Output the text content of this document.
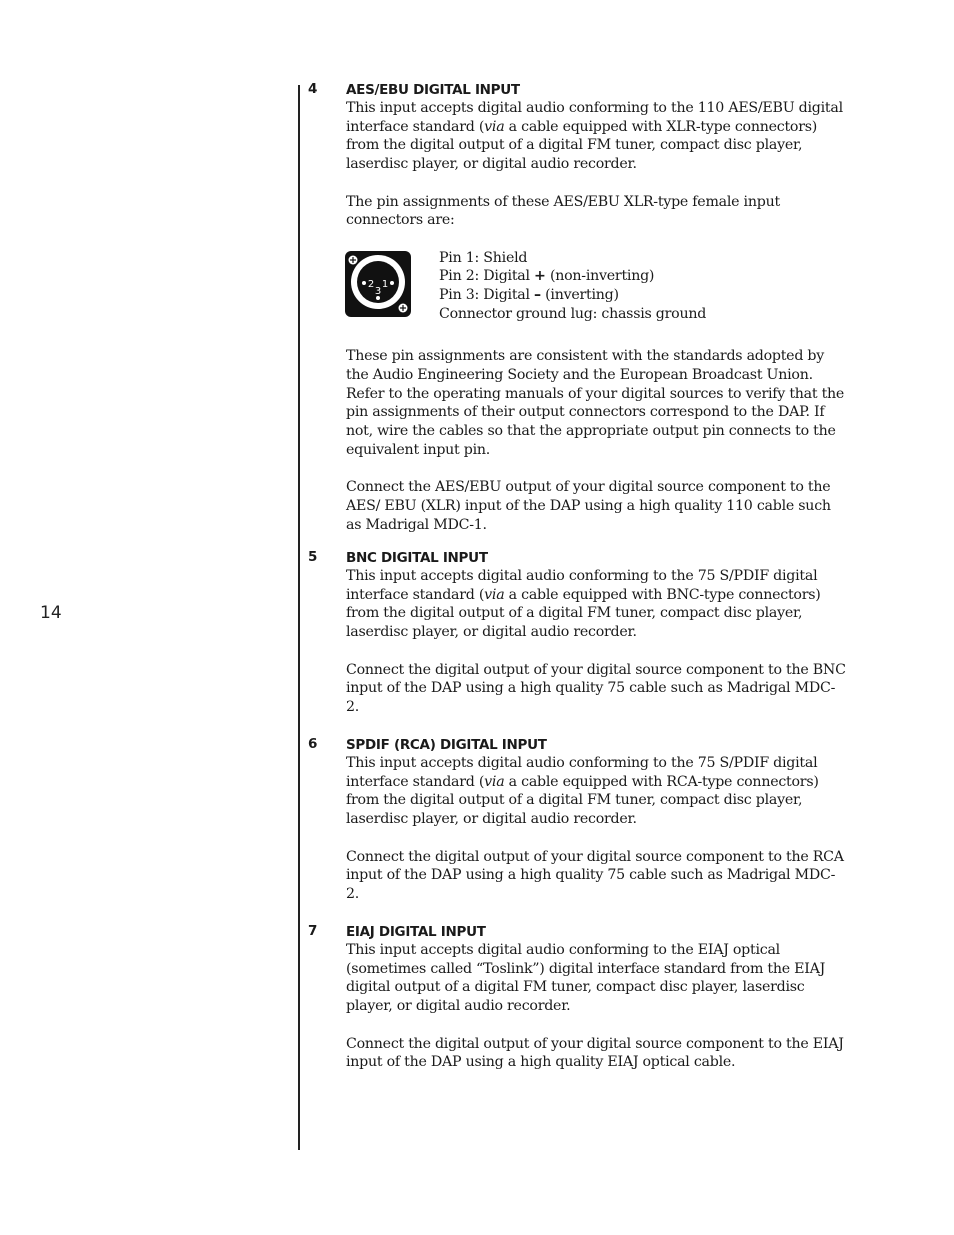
14
4 AES/EBU DIGITAL INPUT

This input accepts digital audio conforming to the 110 AES/EBU digital interface standard (via a cable equipped with XLR-type connectors) from the digital output of a digital FM tuner, compact disc player, laserdisc player, or digital audio recorder.

The pin assignments of these AES/EBU XLR-type female input connectors are:

2 1
3
Pin 1: Shield
Pin 2: Digital + (non-inverting)
Pin 3: Digital – (inverting)
Connector ground lug: chassis ground

These pin assignments are consistent with the standards adopted by the Audio Engineering Society and the European Broadcast Union. Refer to the operating manuals of your digital sources to verify that the pin assignments of their output connectors correspond to the DAP. If not, wire the cables so that the appropriate output pin connects to the equivalent input pin.

Connect the AES/EBU output of your digital source component to the AES/ EBU (XLR) input of the DAP using a high quality 110 cable such as Madrigal MDC-1.

5 BNC DIGITAL INPUT

This input accepts digital audio conforming to the 75 S/PDIF digital interface standard (via a cable equipped with BNC-type connectors) from the digital output of a digital FM tuner, compact disc player, laserdisc player, or digital audio recorder.

Connect the digital output of your digital source component to the BNC input of the DAP using a high quality 75 cable such as Madrigal MDC-2.

6 SPDIF (RCA) DIGITAL INPUT

This input accepts digital audio conforming to the 75 S/PDIF digital interface standard (via a cable equipped with RCA-type connectors) from the digital output of a digital FM tuner, compact disc player, laserdisc player, or digital audio recorder.

Connect the digital output of your digital source component to the RCA input of the DAP using a high quality 75 cable such as Madrigal MDC-2.

7 EIAJ DIGITAL INPUT

This input accepts digital audio conforming to the EIAJ optical (sometimes called “Toslink”) digital interface standard from the EIAJ digital output of a digital FM tuner, compact disc player, laserdisc player, or digital audio recorder.

Connect the digital output of your digital source component to the EIAJ input of the DAP using a high quality EIAJ optical cable.
